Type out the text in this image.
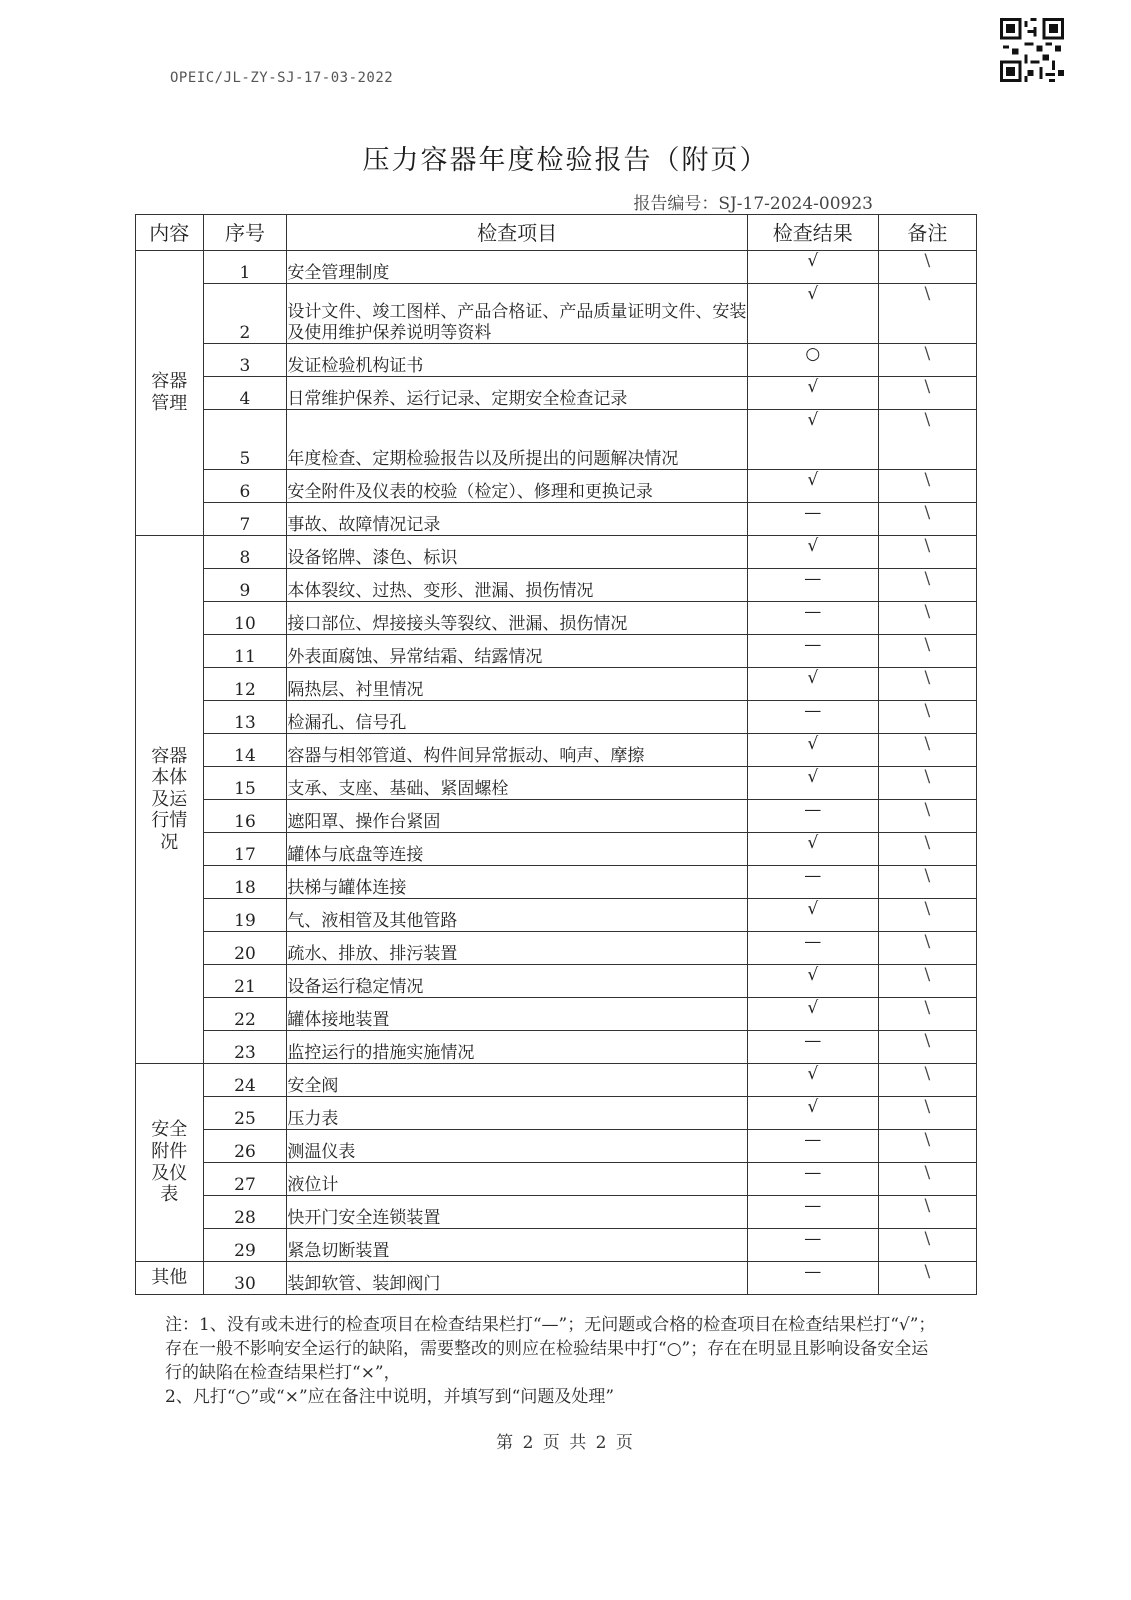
OPEIC/JL-ZY-SJ-17-03-2022
压力容器年度检验报告（附页）
报告编号：SJ-17-2024-00923
内容	序号	检查项目	检查结果	备注
容器管理	1	安全管理制度	√	\
	2	设计文件、竣工图样、产品合格证、产品质量证明文件、安装及使用维护保养说明等资料	√	\
	3	发证检验机构证书	○	\
	4	日常维护保养、运行记录、定期安全检查记录	√	\
	5	年度检查、定期检验报告以及所提出的问题解决情况	√	\
	6	安全附件及仪表的校验（检定）、修理和更换记录	√	\
	7	事故、故障情况记录	—	\
容器本体及运行情况	8	设备铭牌、漆色、标识	√	\
	9	本体裂纹、过热、变形、泄漏、损伤情况	—	\
	10	接口部位、焊接接头等裂纹、泄漏、损伤情况	—	\
	11	外表面腐蚀、异常结霜、结露情况	—	\
	12	隔热层、衬里情况	√	\
	13	检漏孔、信号孔	—	\
	14	容器与相邻管道、构件间异常振动、响声、摩擦	√	\
	15	支承、支座、基础、紧固螺栓	√	\
	16	遮阳罩、操作台紧固	—	\
	17	罐体与底盘等连接	√	\
	18	扶梯与罐体连接	—	\
	19	气、液相管及其他管路	√	\
	20	疏水、排放、排污装置	—	\
	21	设备运行稳定情况	√	\
	22	罐体接地装置	√	\
	23	监控运行的措施实施情况	—	\
安全附件及仪表	24	安全阀	√	\
	25	压力表	√	\
	26	测温仪表	—	\
	27	液位计	—	\
	28	快开门安全连锁装置	—	\
	29	紧急切断装置	—	\
其他	30	装卸软管、装卸阀门	—	\

注：1、没有或未进行的检查项目在检查结果栏打“—”；无问题或合格的检查项目在检查结果栏打“√”；存在一般不影响安全运行的缺陷，需要整改的则应在检验结果中打“○”；存在在明显且影响设备安全运行的缺陷在检查结果栏打“×”，

2、凡打“○”或“×”应在备注中说明，并填写到“问题及处理”

第 2 页 共 2 页
